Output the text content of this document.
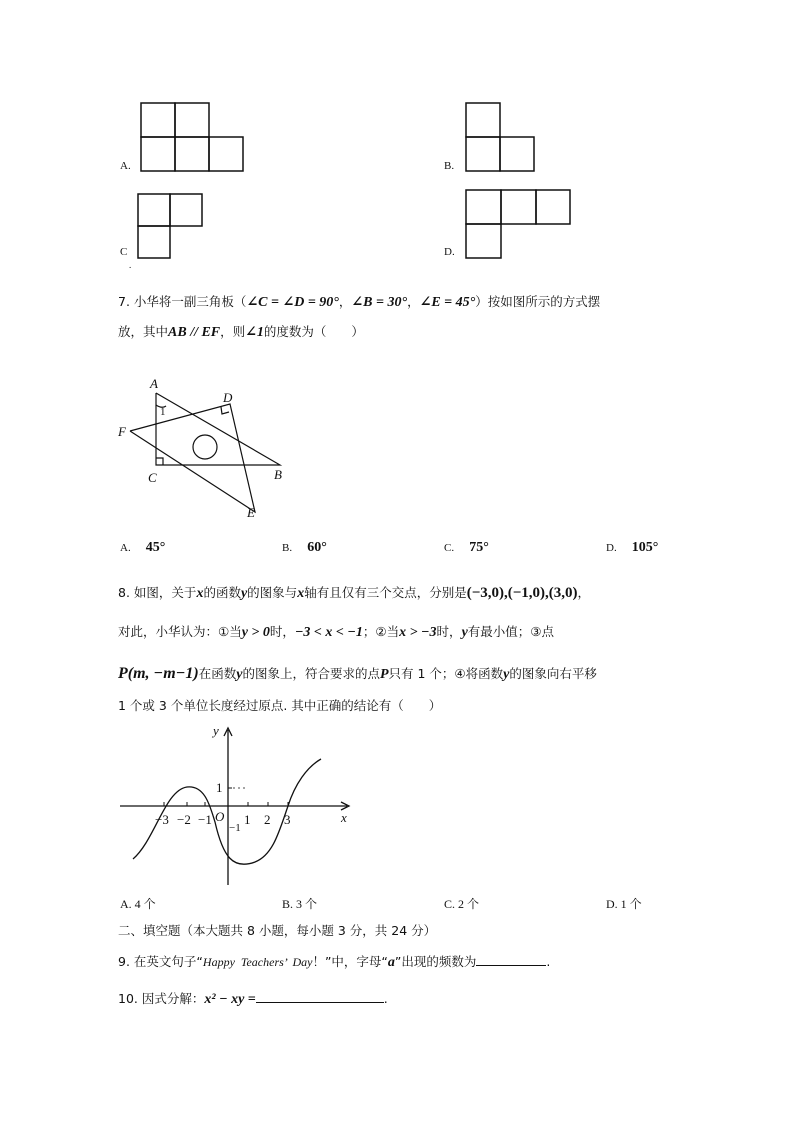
A.	B.
C
.
D.
7. 小华将一副三角板（∠C = ∠D = 90°，∠B = 30°，∠E = 45°）按如图所示的方式摆
放，其中AB // EF，则∠1的度数为（　　）
A
D
F
C	B
E
1
A. 45°	B. 60°	C. 75°	D. 105°
8. 如图，关于x的函数y的图象与x轴有且仅有三个交点，分别是(−3,0),(−1,0),(3,0)，
对此，小华认为：①当y > 0时，−3 < x < −1；②当x > −3时，y有最小值；③点
P(m, −m−1)在函数y的图象上，符合要求的点P只有 1 个；④将函数y的图象向右平移
1 个或 3 个单位长度经过原点. 其中正确的结论有（　　）
y
x
O
−3 −2 −1 1 2 3
1
−1
A. 4 个	B. 3 个	C. 2 个	D. 1 个
二、填空题（本大题共 8 小题，每小题 3 分，共 24 分）
9. 在英文句子“Happy  Teachers’  Day！”中，字母“a”出现的频数为	.
10. 因式分解：x² − xy =	.
